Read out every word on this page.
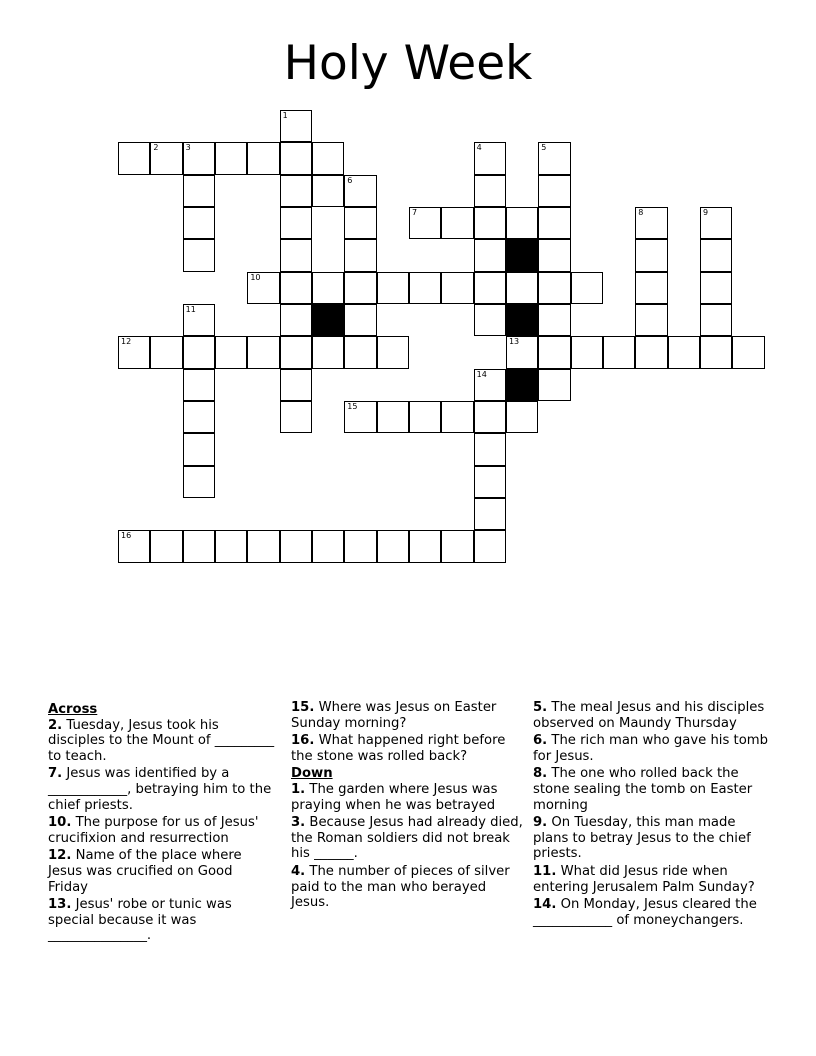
Holy Week
2	3	4	5
1
6
7	8	9
10
11
12	13
14
15
16
Across
2. Tuesday, Jesus took his disciples to the Mount of _________ to teach.
7. Jesus was identified by a ____________, betraying him to the chief priests.
10. The purpose for us of Jesus' crucifixion and resurrection
12. Name of the place where Jesus was crucified on Good Friday
13. Jesus' robe or tunic was special because it was _______________.
15. Where was Jesus on Easter Sunday morning?
16. What happened right before the stone was rolled back?
Down
1. The garden where Jesus was praying when he was betrayed
3. Because Jesus had already died, the Roman soldiers did not break his ______.
4. The number of pieces of silver paid to the man who berayed Jesus.
5. The meal Jesus and his disciples observed on Maundy Thursday
6. The rich man who gave his tomb for Jesus.
8. The one who rolled back the stone sealing the tomb on Easter morning
9. On Tuesday, this man made plans to betray Jesus to the chief priests.
11. What did Jesus ride when entering Jerusalem Palm Sunday?
14. On Monday, Jesus cleared the ____________ of moneychangers.
